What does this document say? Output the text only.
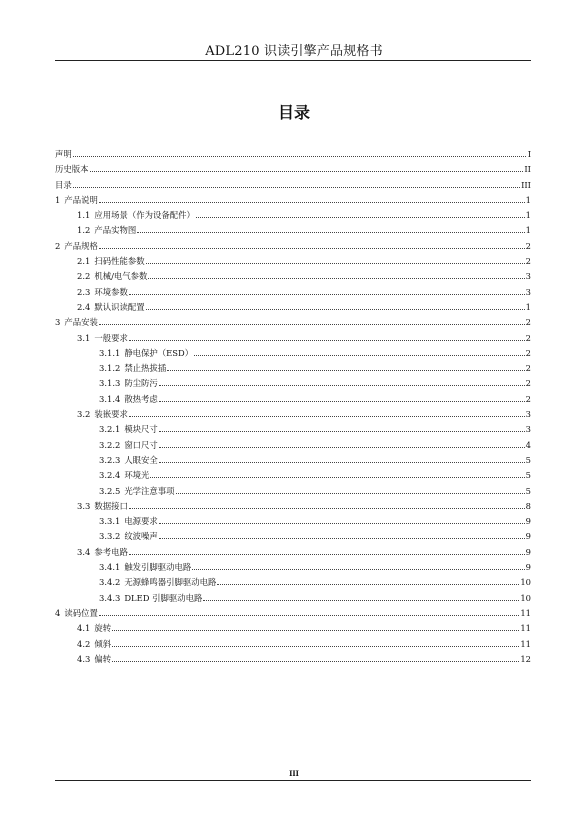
ADL210 识读引擎产品规格书
目录
声明	I
历史版本	II
目录	III
1 产品说明	1
1.1 应用场景（作为设备配件）	1
1.2 产品实物图	1
2 产品规格	2
2.1 扫码性能参数	2
2.2 机械/电气参数	3
2.3 环境参数	3
2.4 默认识读配置	1
3 产品安装	2
3.1 一般要求	2
3.1.1 静电保护（ESD）	2
3.1.2 禁止热拔插	2
3.1.3 防尘防污	2
3.1.4 散热考虑	2
3.2 装嵌要求	3
3.2.1 模块尺寸	3
3.2.2 窗口尺寸	4
3.2.3 人眼安全	5
3.2.4 环境光	5
3.2.5 光学注意事项	5
3.3 数据接口	8
3.3.1 电源要求	9
3.3.2 纹波噪声	9
3.4 参考电路	9
3.4.1 触发引脚驱动电路	9
3.4.2 无源蜂鸣器引脚驱动电路	10
3.4.3 DLED 引脚驱动电路	10
4 读码位置	11
4.1 旋转	11
4.2 倾斜	11
4.3 偏转	12
III
